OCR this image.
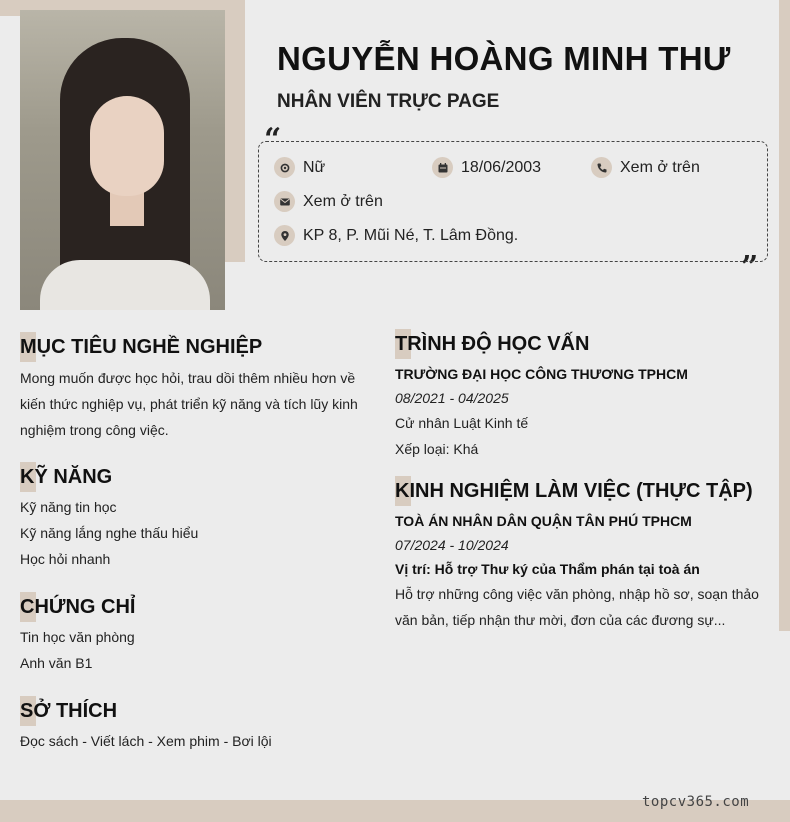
NGUYỄN HOÀNG MINH THƯ
NHÂN VIÊN TRỰC PAGE
“
”
Nữ	18/06/2003	Xem ở trên
Xem ở trên
KP 8, P. Mũi Né, T. Lâm Đồng.
MỤC TIÊU NGHỀ NGHIỆP
Mong muốn được học hỏi, trau dồi thêm nhiều hơn về kiến thức nghiệp vụ, phát triển kỹ năng và tích lũy kinh nghiệm trong công việc.
KỸ NĂNG
Kỹ năng tin học
Kỹ năng lắng nghe thấu hiểu
Học hỏi nhanh
CHỨNG CHỈ
Tin học văn phòng
Anh văn B1
SỞ THÍCH
Đọc sách - Viết lách - Xem phim - Bơi lội
TRÌNH ĐỘ HỌC VẤN
TRƯỜNG ĐẠI HỌC CÔNG THƯƠNG TPHCM
08/2021 - 04/2025
Cử nhân Luật Kinh tế
Xếp loại: Khá
KINH NGHIỆM LÀM VIỆC (THỰC TẬP)
TOÀ ÁN NHÂN DÂN QUẬN TÂN PHÚ TPHCM
07/2024 - 10/2024
Vị trí: Hỗ trợ Thư ký của Thẩm phán tại toà án
Hỗ trợ những công việc văn phòng, nhập hồ sơ, soạn thảo văn bản, tiếp nhận thư mời, đơn của các đương sự...
topcv365.com
